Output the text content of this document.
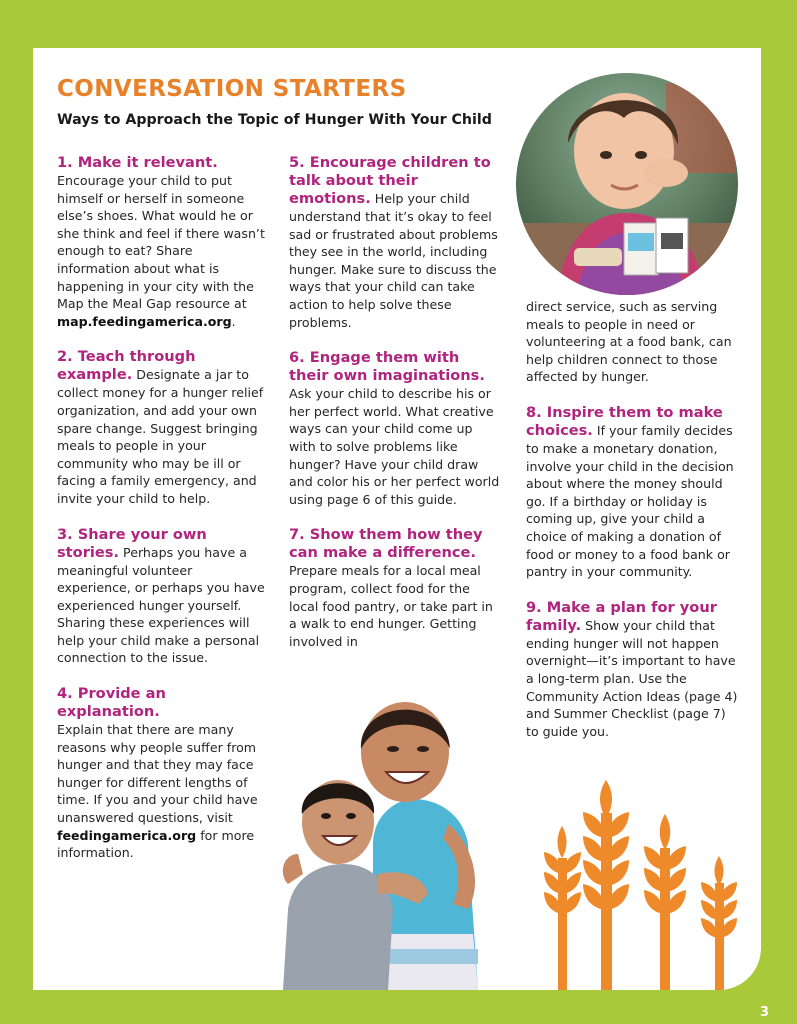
CONVERSATION STARTERS
Ways to Approach the Topic of Hunger With Your Child
1. Make it relevant.
Encourage your child to put himself or herself in someone else’s shoes. What would he or she think and feel if there wasn’t enough to eat? Share information about what is happening in your city with the Map the Meal Gap resource at map.feedingamerica.org.
2. Teach through example. Designate a jar to collect money for a hunger relief organization, and add your own spare change. Suggest bringing meals to people in your community who may be ill or facing a family emergency, and invite your child to help.
3. Share your own stories. Perhaps you have a meaningful volunteer experience, or perhaps you have experienced hunger yourself. Sharing these experiences will help your child make a personal connection to the issue.
4. Provide an explanation.
Explain that there are many reasons why people suffer from hunger and that they may face hunger for different lengths of time. If you and your child have unanswered questions, visit feedingamerica.org for more information.
5. Encourage children to talk about their emotions. Help your child understand that it’s okay to feel sad or frustrated about problems they see in the world, including hunger. Make sure to discuss the ways that your child can take action to help solve these problems.
6. Engage them with their own imaginations.
Ask your child to describe his or her perfect world. What creative ways can your child come up with to solve problems like hunger? Have your child draw and color his or her perfect world using page 6 of this guide.
7. Show them how they can make a difference.
Prepare meals for a local meal program, collect food for the local food pantry, or take part in a walk to end hunger. Getting involved in
direct service, such as serving meals to people in need or volunteering at a food bank, can help children connect to those affected by hunger.
8. Inspire them to make choices. If your family decides to make a monetary donation, involve your child in the decision about where the money should go. If a birthday or holiday is coming up, give your child a choice of making a donation of food or money to a food bank or pantry in your community.
9. Make a plan for your family. Show your child that ending hunger will not happen overnight—it’s important to have a long-term plan. Use the Community Action Ideas (page 4) and Summer Checklist (page 7) to guide you.
3
